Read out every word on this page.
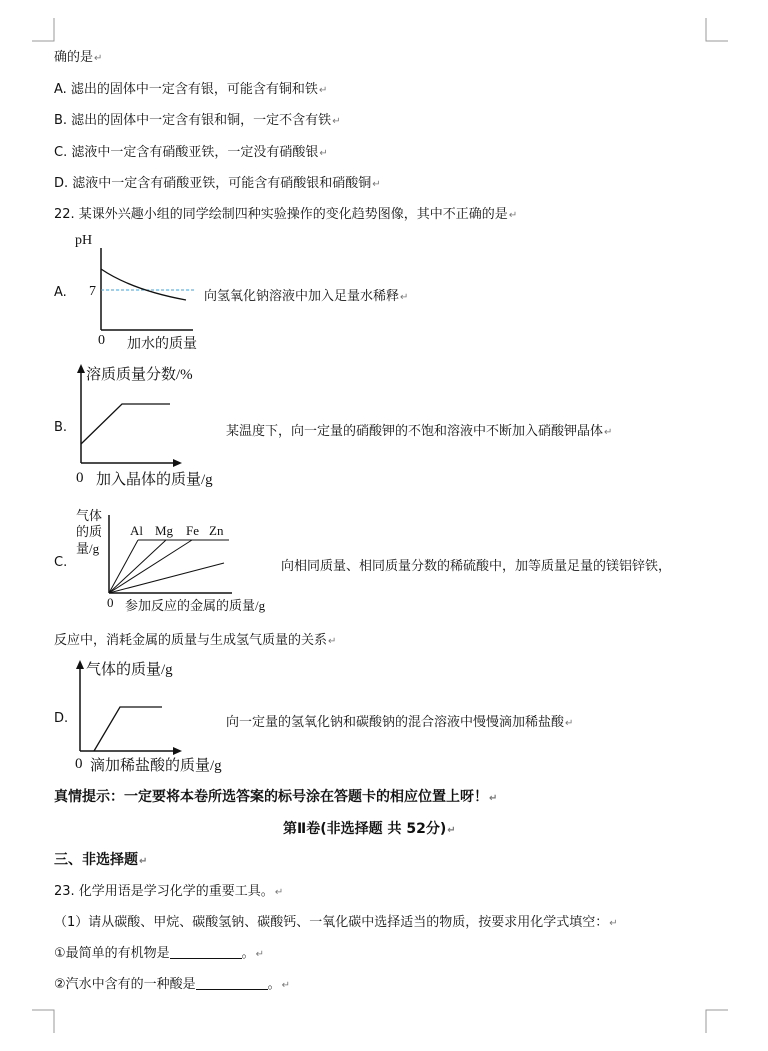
确的是↵
A. 滤出的固体中一定含有银，可能含有铜和铁↵
B. 滤出的固体中一定含有银和铜，一定不含有铁↵
C. 滤液中一定含有硝酸亚铁，一定没有硝酸银↵
D. 滤液中一定含有硝酸亚铁，可能含有硝酸银和硝酸铜↵
22. 某课外兴趣小组的同学绘制四种实验操作的变化趋势图像，其中不正确的是↵
A.
pH
7
0 加水的质量
向氢氧化钠溶液中加入足量水稀释↵
B.
溶质质量分数/%
0 加入晶体的质量/g
某温度下，向一定量的硝酸钾的不饱和溶液中不断加入硝酸钾晶体↵
C.
气体
的质
量/g
Al Mg Fe Zn
0 参加反应的金属的质量/g
向相同质量、相同质量分数的稀硫酸中，加等质量足量的镁铝锌铁，
反应中，消耗金属的质量与生成氢气质量的关系↵
D.
气体的质量/g
0 滴加稀盐酸的质量/g
向一定量的氢氧化钠和碳酸钠的混合溶液中慢慢滴加稀盐酸↵
真情提示：一定要将本卷所选答案的标号涂在答题卡的相应位置上呀！↵
第Ⅱ卷(非选择题 共 52分)↵
三、非选择题↵
23. 化学用语是学习化学的重要工具。↵
（1）请从碳酸、甲烷、碳酸氢钠、碳酸钙、一氧化碳中选择适当的物质，按要求用化学式填空：↵
①最简单的有机物是	。↵
②汽水中含有的一种酸是	。↵
